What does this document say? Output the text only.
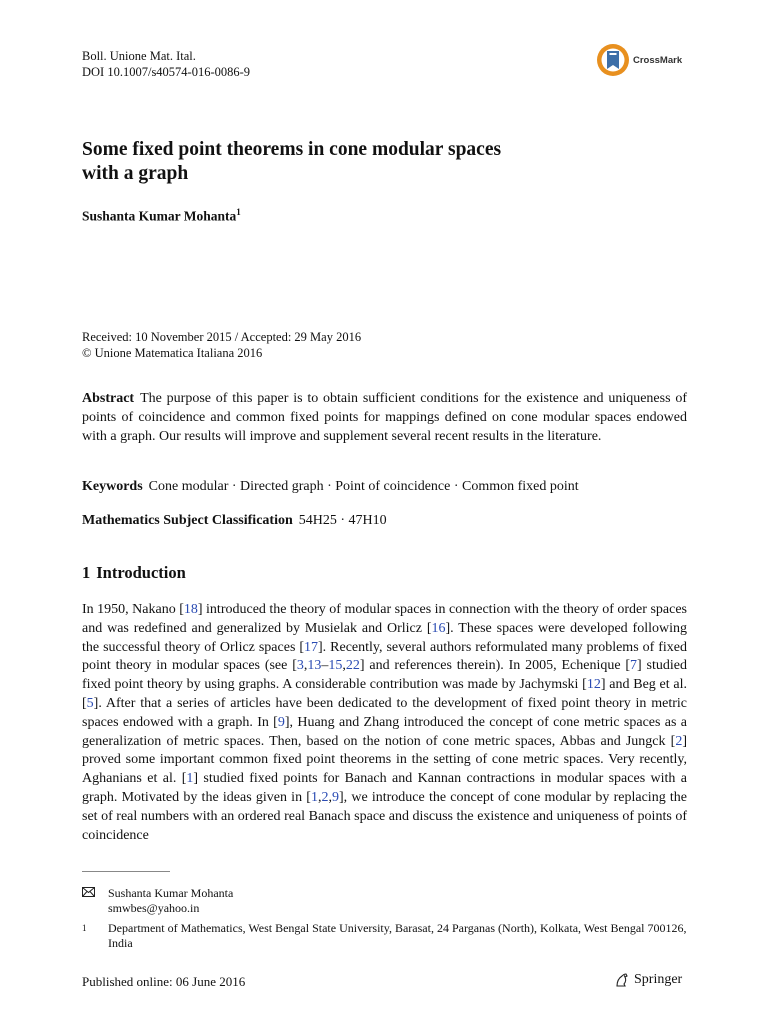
Boll. Unione Mat. Ital.
DOI 10.1007/s40574-016-0086-9
CrossMark
Some fixed point theorems in cone modular spaces
with a graph
Sushanta Kumar Mohanta$^1$
Received: 10 November 2015 / Accepted: 29 May 2016
© Unione Matematica Italiana 2016
Abstract The purpose of this paper is to obtain sufficient conditions for the existence and uniqueness of points of coincidence and common fixed points for mappings defined on cone modular spaces endowed with a graph. Our results will improve and supplement several recent results in the literature.
Keywords Cone modular · Directed graph · Point of coincidence · Common fixed point
Mathematics Subject Classification 54H25 · 47H10
1 Introduction
In 1950, Nakano [18] introduced the theory of modular spaces in connection with the theory of order spaces and was redefined and generalized by Musielak and Orlicz [16]. These spaces were developed following the successful theory of Orlicz spaces [17]. Recently, several authors reformulated many problems of fixed point theory in modular spaces (see [3,13–15,22] and references therein). In 2005, Echenique [7] studied fixed point theory by using graphs. A considerable contribution was made by Jachymski [12] and Beg et al. [5]. After that a series of articles have been dedicated to the development of fixed point theory in metric spaces endowed with a graph. In [9], Huang and Zhang introduced the concept of cone metric spaces as a generalization of metric spaces. Then, based on the notion of cone metric spaces, Abbas and Jungck [2] proved some important common fixed point theorems in the setting of cone metric spaces. Very recently, Aghanians et al. [1] studied fixed points for Banach and Kannan contractions in modular spaces with a graph. Motivated by the ideas given in [1,2,9], we introduce the concept of cone modular by replacing the set of real numbers with an ordered real Banach space and discuss the existence and uniqueness of points of coincidence
Sushanta Kumar Mohanta
smwbes@yahoo.in
1	Department of Mathematics, West Bengal State University, Barasat, 24 Parganas (North), Kolkata, West Bengal 700126, India
Published online: 06 June 2016	Springer
